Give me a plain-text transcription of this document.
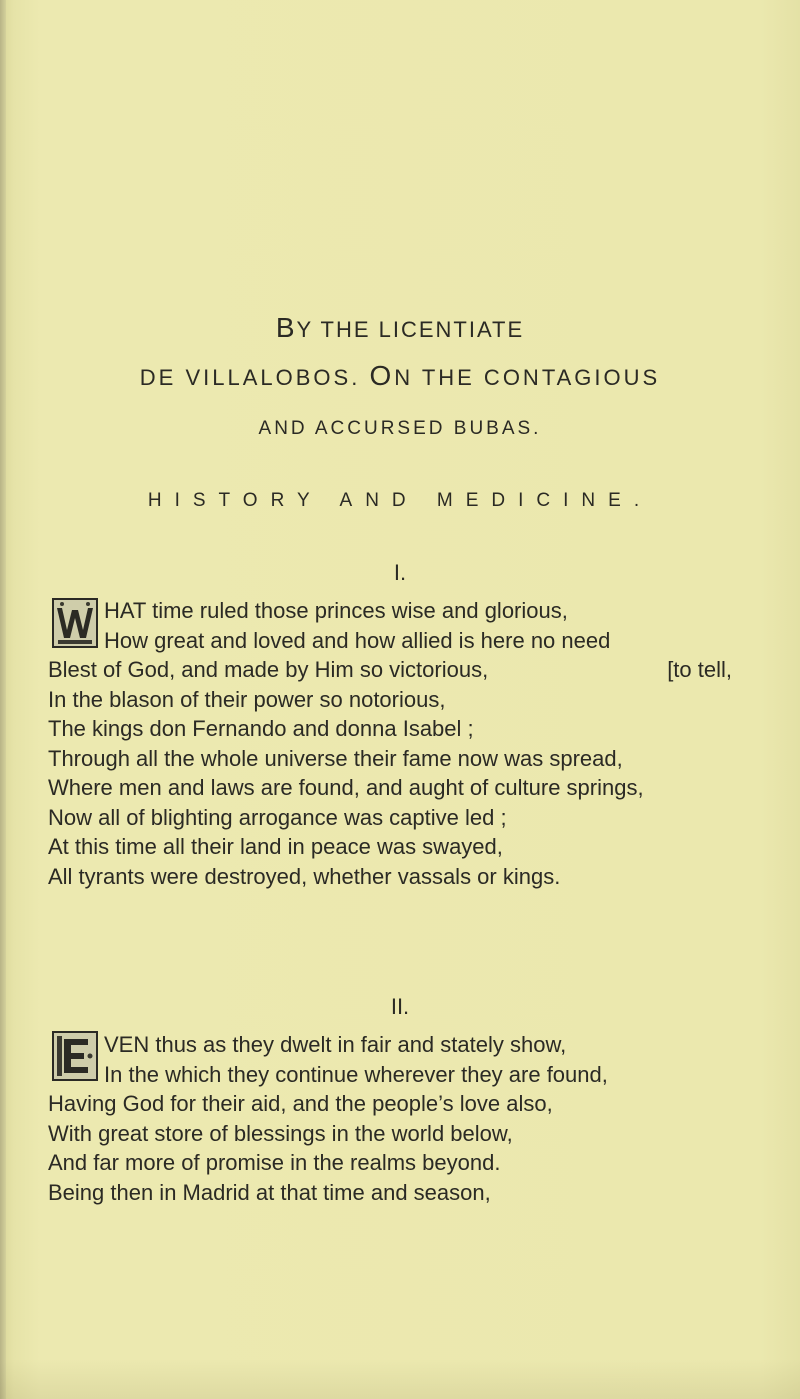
BY THE LICENTIATE
DE VILLALOBOS. ON THE CONTAGIOUS
AND ACCURSED BUBAS.
HISTORY AND MEDICINE.
I.
HAT time ruled those princes wise and glorious,
How great and loved and how allied is here no need
Blest of God, and made by Him so victorious,	[to tell,
In the blason of their power so notorious,
The kings don Fernando and donna Isabel ;
Through all the whole universe their fame now was spread,
Where men and laws are found, and aught of culture springs,
Now all of blighting arrogance was captive led ;
At this time all their land in peace was swayed,
All tyrants were destroyed, whether vassals or kings.
II.
VEN thus as they dwelt in fair and stately show,
In the which they continue wherever they are found,
Having God for their aid, and the people’s love also,
With great store of blessings in the world below,
And far more of promise in the realms beyond.
Being then in Madrid at that time and season,
